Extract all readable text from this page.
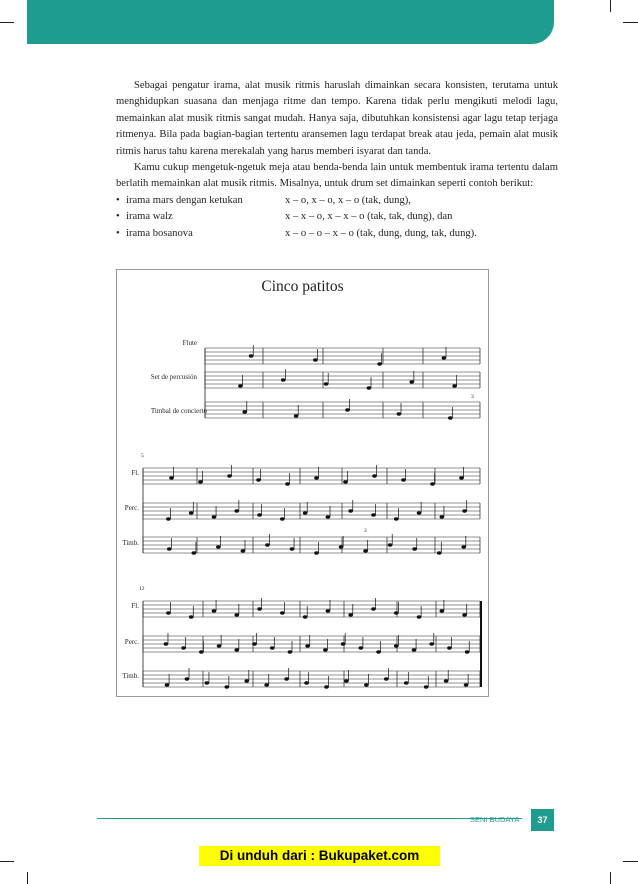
Sebagai pengatur irama, alat musik ritmis haruslah dimainkan secara konsisten, terutama untuk menghidupkan suasana dan menjaga ritme dan tempo. Karena tidak perlu mengikuti melodi lagu, memainkan alat musik ritmis sangat mudah. Hanya saja, dibutuhkan konsistensi agar lagu tetap terjaga ritmenya. Bila pada bagian-bagian tertentu aransemen lagu terdapat break atau jeda, pemain alat musik ritmis harus tahu karena merekalah yang harus memberi isyarat dan tanda.

Kamu cukup mengetuk-ngetuk meja atau benda-benda lain untuk membentuk irama tertentu dalam berlatih memainkan alat musik ritmis. Misalnya, untuk drum set dimainkan seperti contoh berikut:

• irama mars dengan ketukan	x – o, x – o, x – o (tak, dung),
• irama walz	x – x – o, x – x – o (tak, tak, dung), dan
• irama bosanova	x – o – o – x – o (tak, dung, dung, tak, dung).
Cinco patitos
Flute
Set de percusión
Timbal de concierto
5
Fl.
Perc.
Timb.
12
Fl.
Perc.
Timb.
3
3
SENI BUDAYA	37
Di unduh dari : Bukupaket.com
